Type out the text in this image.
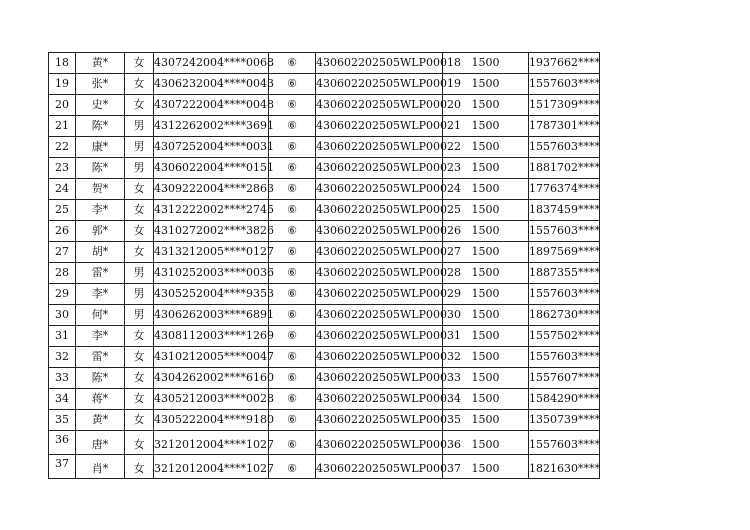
18	黄*	女	4307242004****0068	⑥	430602202505WLP00018	1500	1937662****
19	张*	女	4306232004****0043	⑥	430602202505WLP00019	1500	1557603****
20	史*	女	4307222004****0048	⑥	430602202505WLP00020	1500	1517309****
21	陈*	男	4312262002****3691	⑥	430602202505WLP00021	1500	1787301****
22	康*	男	4307252004****0031	⑥	430602202505WLP00022	1500	1557603****
23	陈*	男	4306022004****0151	⑥	430602202505WLP00023	1500	1881702****
24	贺*	女	4309222004****2863	⑥	430602202505WLP00024	1500	1776374****
25	李*	女	4312222002****2745	⑥	430602202505WLP00025	1500	1837459****
26	郭*	女	4310272002****3826	⑥	430602202505WLP00026	1500	1557603****
27	胡*	女	4313212005****0127	⑥	430602202505WLP00027	1500	1897569****
28	雷*	男	4310252003****0036	⑥	430602202505WLP00028	1500	1887355****
29	李*	男	4305252004****9353	⑥	430602202505WLP00029	1500	1557603****
30	何*	男	4306262003****6891	⑥	430602202505WLP00030	1500	1862730****
31	李*	女	4308112003****1269	⑥	430602202505WLP00031	1500	1557502****
32	雷*	女	4310212005****0047	⑥	430602202505WLP00032	1500	1557603****
33	陈*	女	4304262002****6160	⑥	430602202505WLP00033	1500	1557607****
34	蒋*	女	4305212003****0028	⑥	430602202505WLP00034	1500	1584290****
35	黄*	女	4305222004****9180	⑥	430602202505WLP00035	1500	1350739****
36	唐*	女	3212012004****1027	⑥	430602202505WLP00036	1500	1557603****
37	肖*	女	3212012004****1027	⑥	430602202505WLP00037	1500	1821630****
